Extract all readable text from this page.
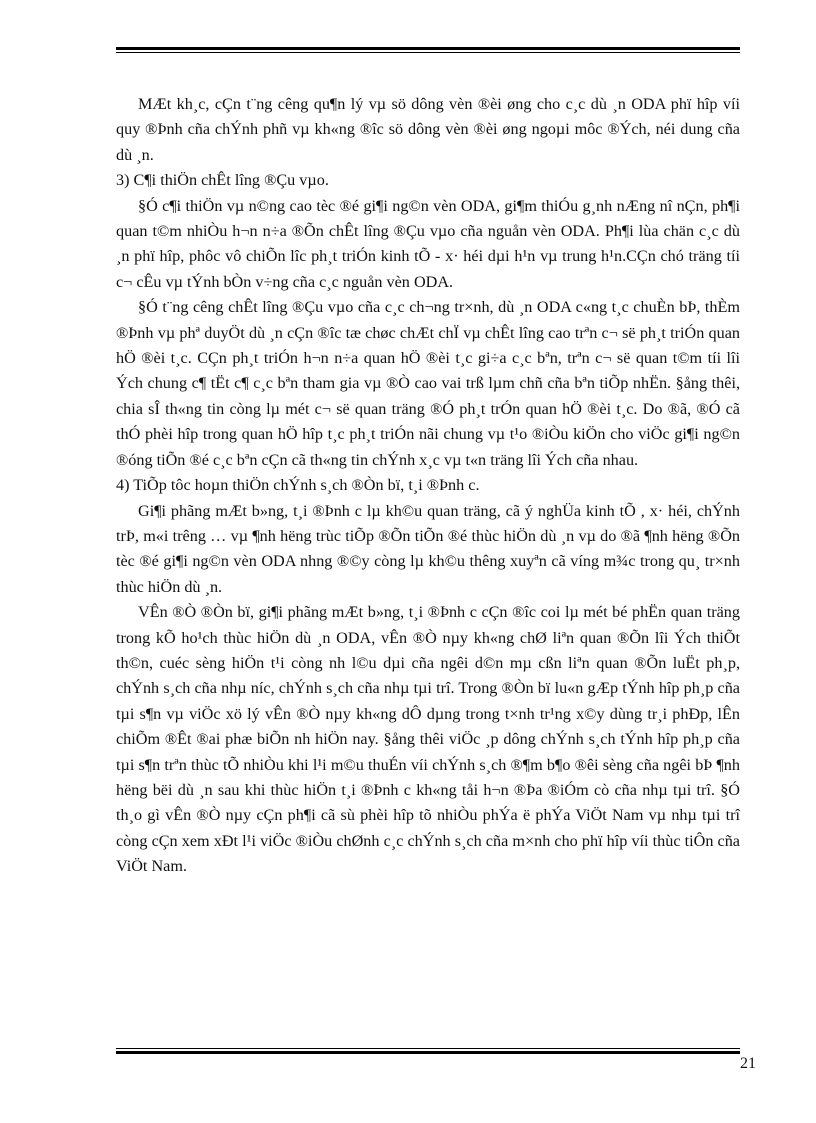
MÆt kh¸c, cÇn t¨ng cêng qu¶n lý vµ sö dông vèn ®èi øng cho c¸c dù ¸n ODA phï hîp víi quy ®Þnh cña chÝnh phñ vµ kh«ng ®îc sö dông vèn ®èi øng ngoµi môc ®Ých, néi dung cña dù ¸n.

3) C¶i thiÖn chÊt lîng ®Çu vµo.

§Ó c¶i thiÖn vµ n©ng cao tèc ®é gi¶i ng©n vèn ODA, gi¶m thiÓu g¸nh nÆng nî nÇn, ph¶i quan t©m nhiÒu h¬n n÷a ®Õn chÊt lîng ®Çu vµo cña nguån vèn ODA. Ph¶i lùa chän c¸c dù ¸n phï hîp, phôc vô chiÕn lîc ph¸t triÓn kinh tÕ - x· héi dµi h¹n vµ trung h¹n.CÇn chó träng tíi c¬ cÊu vµ tÝnh bÒn v÷ng cña c¸c nguån vèn ODA.

§Ó t¨ng cêng chÊt lîng ®Çu vµo cña c¸c ch¬ng tr×nh, dù ¸n ODA c«ng t¸c chuÈn bÞ, thÈm ®Þnh vµ phª duyÖt dù ¸n cÇn ®îc tæ chøc chÆt chÏ vµ chÊt lîng cao trªn c¬ së ph¸t triÓn quan hÖ ®èi t¸c. CÇn ph¸t triÓn h¬n n÷a quan hÖ ®èi t¸c gi÷a c¸c bªn, trªn c¬ së quan t©m tíi lîi Ých chung c¶ tËt c¶ c¸c bªn tham gia vµ ®Ò cao vai trß lµm chñ cña bªn tiÕp nhËn. §ång thêi, chia sÎ th«ng tin còng lµ mét c¬ së quan träng ®Ó ph¸t trÓn quan hÖ ®èi t¸c. Do ®ã, ®Ó cã thÓ phèi hîp trong quan hÖ hîp t¸c ph¸t triÓn nãi chung vµ t¹o ®iÒu kiÖn cho viÖc gi¶i ng©n ®óng tiÕn ®é c¸c bªn cÇn cã th«ng tin chÝnh x¸c vµ t«n träng lîi Ých cña nhau.

4) TiÕp tôc hoµn thiÖn chÝnh s¸ch ®Òn bï, t¸i ®Þnh c.

Gi¶i phãng mÆt b»ng, t¸i ®Þnh c lµ kh©u quan träng, cã ý nghÜa kinh tÕ , x· héi, chÝnh trÞ, m«i trêng … vµ ¶nh hëng trùc tiÕp ®Õn tiÕn ®é thùc hiÖn dù ¸n vµ do ®ã ¶nh hëng ®Õn tèc ®é gi¶i ng©n vèn ODA nhng ®©y còng lµ kh©u thêng xuyªn cã víng m¾c trong qu¸ tr×nh thùc hiÖn dù ¸n.

VÊn ®Ò ®Òn bï, gi¶i phãng mÆt b»ng, t¸i ®Þnh c cÇn ®îc coi lµ mét bé phËn quan träng trong kÕ ho¹ch thùc hiÖn dù ¸n ODA, vÊn ®Ò nµy kh«ng chØ liªn quan ®Õn lîi Ých thiÕt th©n, cuéc sèng hiÖn t¹i còng nh l©u dµi cña ngêi d©n mµ cßn liªn quan ®Õn luËt ph¸p, chÝnh s¸ch cña nhµ níc, chÝnh s¸ch cña nhµ tµi trî. Trong ®Òn bï lu«n gÆp tÝnh hîp ph¸p cña tµi s¶n vµ viÖc xö lý vÊn ®Ò nµy kh«ng dÔ dµng trong t×nh tr¹ng x©y dùng tr¸i phÐp, lÊn chiÕm ®Êt ®ai phæ biÕn nh hiÖn nay. §ång thêi viÖc ¸p dông chÝnh s¸ch tÝnh hîp ph¸p cña tµi s¶n trªn thùc tÕ nhiÒu khi l¹i m©u thuÉn víi chÝnh s¸ch ®¶m b¶o ®êi sèng cña ngêi bÞ ¶nh hëng bëi dù ¸n sau khi thùc hiÖn t¸i ®Þnh c kh«ng tåi h¬n ®Þa ®iÓm cò cña nhµ tµi trî. §Ó th¸o gì vÊn ®Ò nµy cÇn ph¶i cã sù phèi hîp tõ nhiÒu phÝa ë phÝa ViÖt Nam vµ nhµ tµi trî còng cÇn xem xÐt l¹i viÖc ®iÒu chØnh c¸c chÝnh s¸ch cña m×nh cho phï hîp víi thùc tiÔn cña ViÖt Nam.

21
